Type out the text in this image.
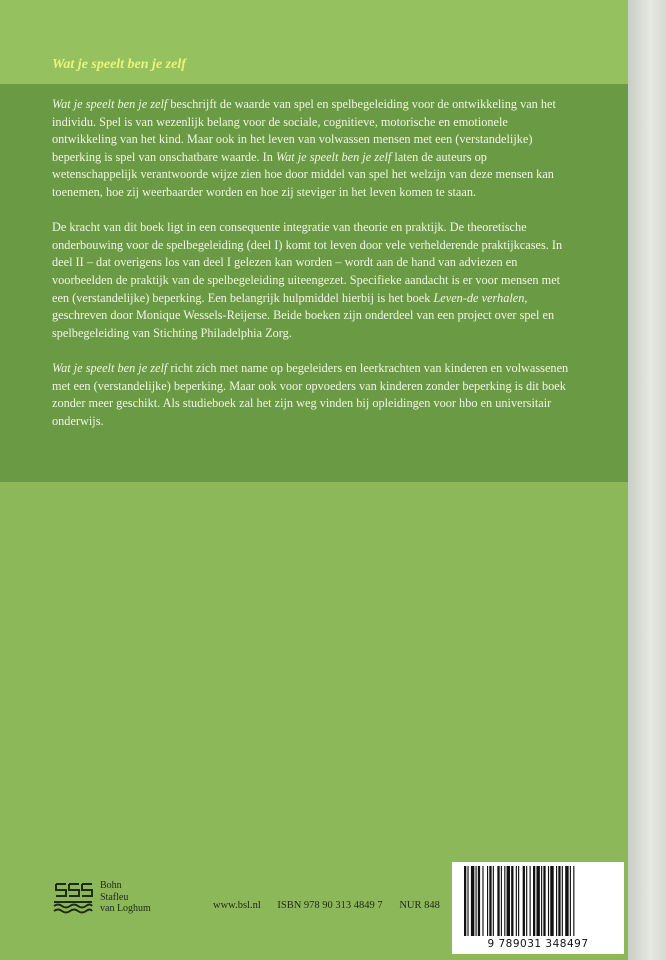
Wat je speelt ben je zelf

Wat je speelt ben je zelf beschrijft de waarde van spel en spelbegeleiding voor de ontwikkeling van het individu. Spel is van wezenlijk belang voor de sociale, cognitieve, motorische en emotionele ontwikkeling van het kind. Maar ook in het leven van volwassen mensen met een (verstandelijke) beperking is spel van onschatbare waarde. In Wat je speelt ben je zelf laten de auteurs op wetenschappelijk verantwoorde wijze zien hoe door middel van spel het welzijn van deze mensen kan toenemen, hoe zij weerbaarder worden en hoe zij steviger in het leven komen te staan.

De kracht van dit boek ligt in een consequente integratie van theorie en praktijk. De theoretische onderbouwing voor de spelbegeleiding (deel I) komt tot leven door vele verhelderende praktijkcases. In deel II – dat overigens los van deel I gelezen kan worden – wordt aan de hand van adviezen en voorbeelden de praktijk van de spelbegeleiding uiteengezet. Specifieke aandacht is er voor mensen met een (verstandelijke) beperking. Een belangrijk hulpmiddel hierbij is het boek Leven-de verhalen, geschreven door Monique Wessels-Reijerse. Beide boeken zijn onderdeel van een project over spel en spelbegeleiding van Stichting Philadelphia Zorg.

Wat je speelt ben je zelf richt zich met name op begeleiders en leerkrachten van kinderen en volwassenen met een (verstandelijke) beperking. Maar ook voor opvoeders van kinderen zonder beperking is dit boek zonder meer geschikt. Als studieboek zal het zijn weg vinden bij opleidingen voor hbo en universitair onderwijs.

Bohn
Stafleu
van Loghum	www.bsl.nl ISBN 978 90 313 4849 7 NUR 848
9 789031 348497
